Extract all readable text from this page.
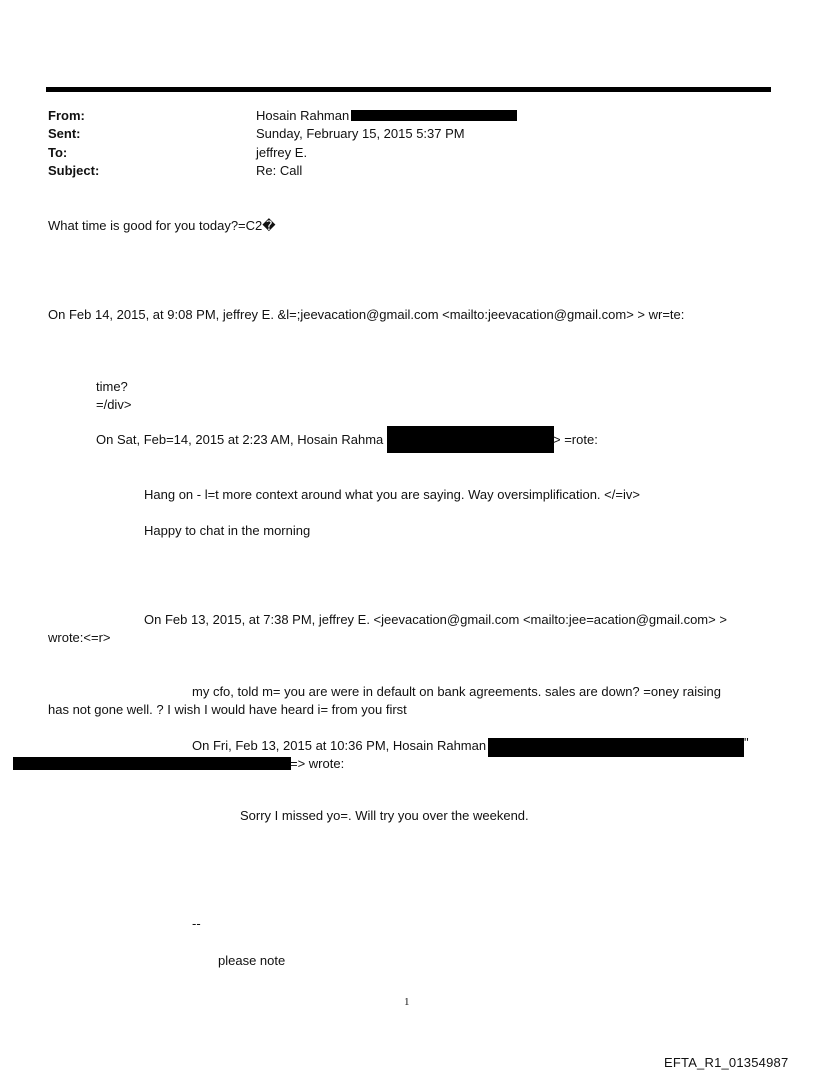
From:
Sent:
To:
Subject:
Hosain Rahman
Sunday, February 15, 2015 5:37 PM
jeffrey E.
Re: Call
What time is good for you today?=C2�
On Feb 14, 2015, at 9:08 PM, jeffrey E. &l=;jeevacation@gmail.com <mailto:jeevacation@gmail.com> > wr=te:
time?
=/div>
On Sat, Feb=14, 2015 at 2:23 AM, Hosain Rahma	> =rote:
Hang on - l=t more context around what you are saying. Way oversimplification. </=iv>
Happy to chat in the morning
On Feb 13, 2015, at 7:38 PM, jeffrey E. <jeevacation@gmail.com <mailto:jee=acation@gmail.com> >
wrote:<=r>
my cfo, told m= you are were in default on bank agreements. sales are down? =oney raising
has not gone well. ? I wish I would have heard i= from you first
On Fri, Feb 13, 2015 at 10:36 PM, Hosain Rahman	"
=> wrote:
Sorry I missed yo=. Will try you over the weekend.
--
please note
1
EFTA_R1_01354987
